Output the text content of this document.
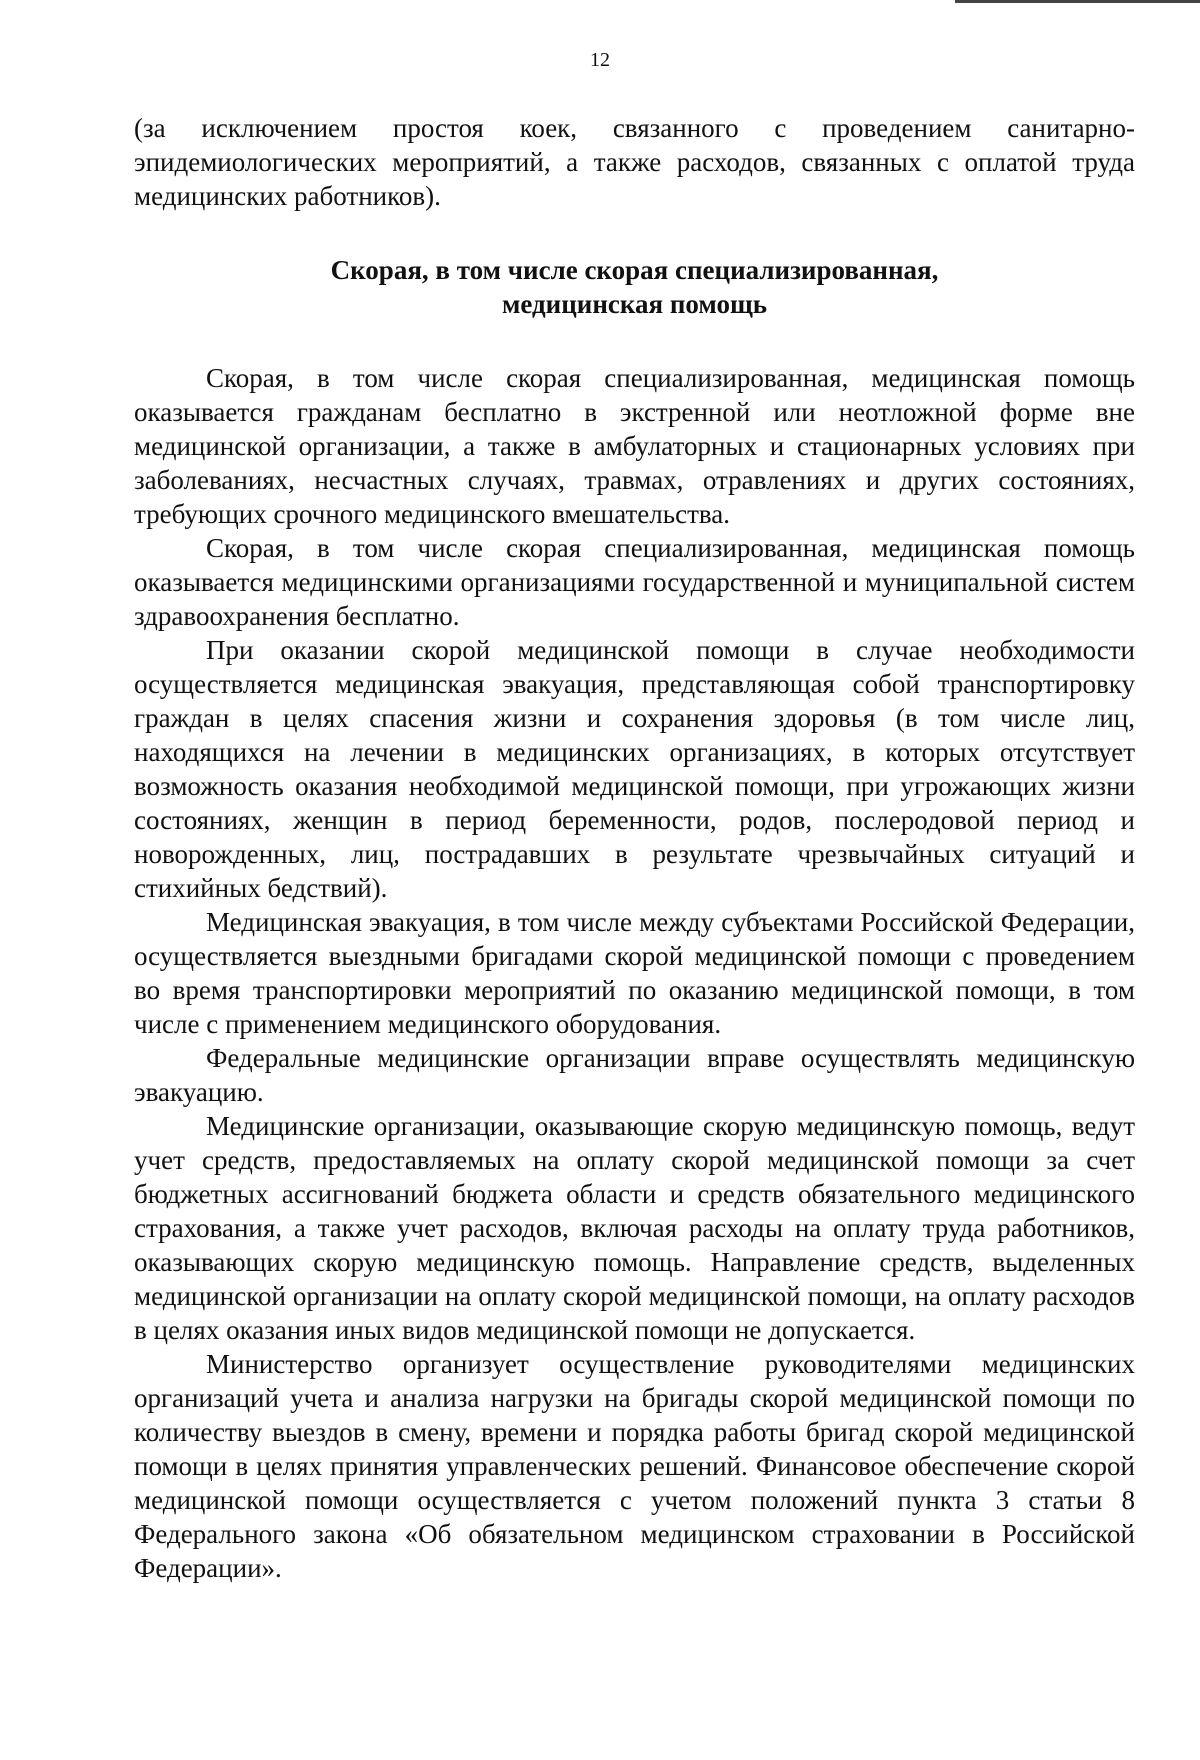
12

(за исключением простоя коек, связанного с проведением санитарно-эпидемиологических мероприятий, а также расходов, связанных с оплатой труда медицинских работников).

Скорая, в том числе скорая специализированная,
медицинская помощь

Скорая, в том числе скорая специализированная, медицинская помощь оказывается гражданам бесплатно в экстренной или неотложной форме вне медицинской организации, а также в амбулаторных и стационарных условиях при заболеваниях, несчастных случаях, травмах, отравлениях и других состояниях, требующих срочного медицинского вмешательства.

Скорая, в том числе скорая специализированная, медицинская помощь оказывается медицинскими организациями государственной и муниципальной систем здравоохранения бесплатно.

При оказании скорой медицинской помощи в случае необходимости осуществляется медицинская эвакуация, представляющая собой транспортировку граждан в целях спасения жизни и сохранения здоровья (в том числе лиц, находящихся на лечении в медицинских организациях, в которых отсутствует возможность оказания необходимой медицинской помощи, при угрожающих жизни состояниях, женщин в период беременности, родов, послеродовой период и новорожденных, лиц, пострадавших в результате чрезвычайных ситуаций и стихийных бедствий).

Медицинская эвакуация, в том числе между субъектами Российской Федерации, осуществляется выездными бригадами скорой медицинской помощи с проведением во время транспортировки мероприятий по оказанию медицинской помощи, в том числе с применением медицинского оборудования.

Федеральные медицинские организации вправе осуществлять медицинскую эвакуацию.

Медицинские организации, оказывающие скорую медицинскую помощь, ведут учет средств, предоставляемых на оплату скорой медицинской помощи за счет бюджетных ассигнований бюджета области и средств обязательного медицинского страхования, а также учет расходов, включая расходы на оплату труда работников, оказывающих скорую медицинскую помощь. Направление средств, выделенных медицинской организации на оплату скорой медицинской помощи, на оплату расходов в целях оказания иных видов медицинской помощи не допускается.

Министерство организует осуществление руководителями медицинских организаций учета и анализа нагрузки на бригады скорой медицинской помощи по количеству выездов в смену, времени и порядка работы бригад скорой медицинской помощи в целях принятия управленческих решений. Финансовое обеспечение скорой медицинской помощи осуществляется с учетом положений пункта 3 статьи 8 Федерального закона «Об обязательном медицинском страховании в Российской Федерации».
